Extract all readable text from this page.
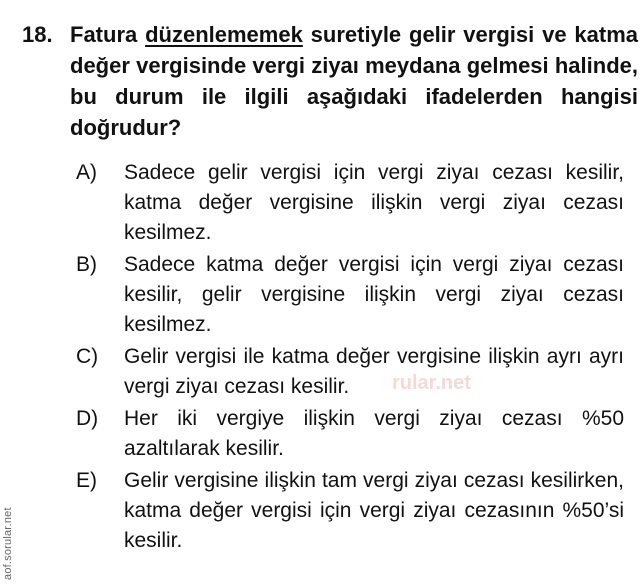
18. Fatura düzenlememek suretiyle gelir vergisi ve katma değer vergisinde vergi ziyaı meydana gelmesi halinde, bu durum ile ilgili aşağıdaki ifadelerden hangisi doğrudur?
A)	Sadece gelir vergisi için vergi ziyaı cezası kesilir, katma değer vergisine ilişkin vergi ziyaı cezası kesilmez.
B)	Sadece katma değer vergisi için vergi ziyaı cezası kesilir, gelir vergisine ilişkin vergi ziyaı cezası kesilmez.
C)	Gelir vergisi ile katma değer vergisine ilişkin ayrı ayrı vergi ziyaı cezası kesilir.
D)	Her iki vergiye ilişkin vergi ziyaı cezası %50 azaltılarak kesilir.
E)	Gelir vergisine ilişkin tam vergi ziyaı cezası kesilirken, katma değer vergisi için vergi ziyaı cezasının %50’si kesilir.
aof.sorular.net
rular.net
